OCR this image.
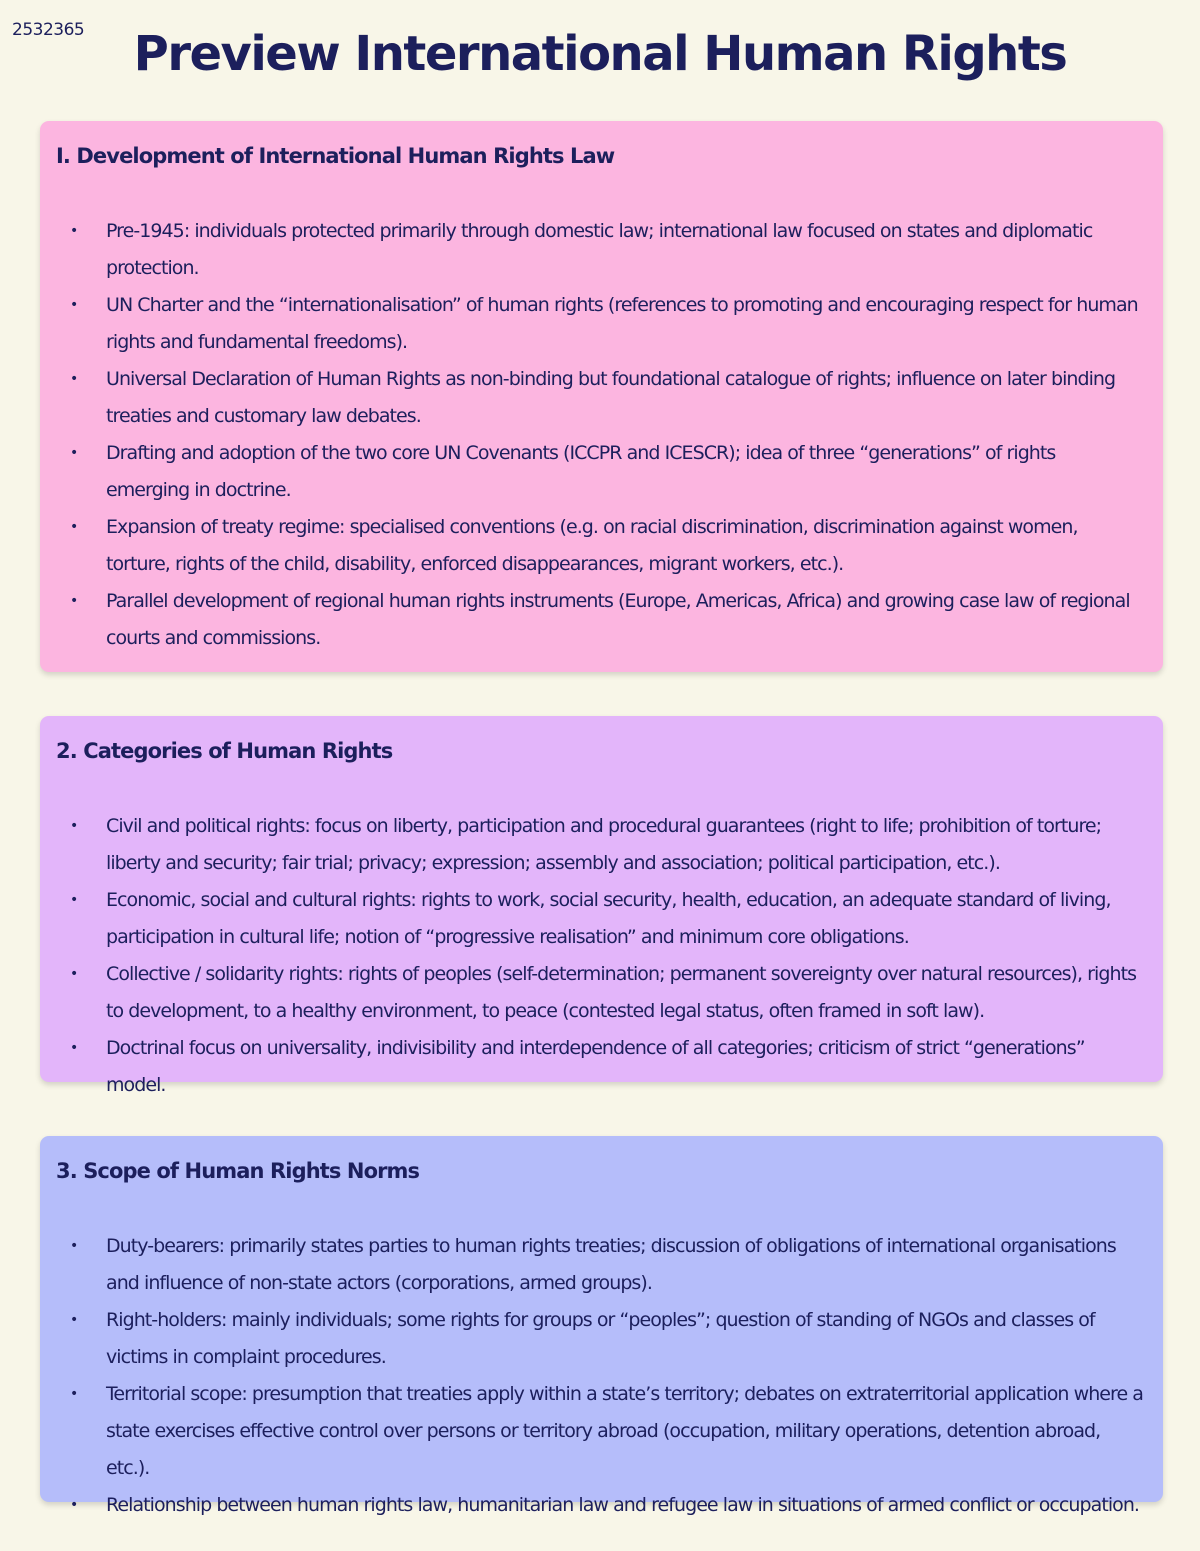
2532365	Preview International Human Rights
I. Development of International Human Rights Law
• Pre-1945: individuals protected primarily through domestic law; international law focused on states and diplomatic protection.
• UN Charter and the “internationalisation” of human rights (references to promoting and encouraging respect for human rights and fundamental freedoms).
• Universal Declaration of Human Rights as non-binding but foundational catalogue of rights; influence on later binding treaties and customary law debates.
• Drafting and adoption of the two core UN Covenants (ICCPR and ICESCR); idea of three “generations” of rights emerging in doctrine.
• Expansion of treaty regime: specialised conventions (e.g. on racial discrimination, discrimination against women, torture, rights of the child, disability, enforced disappearances, migrant workers, etc.).
• Parallel development of regional human rights instruments (Europe, Americas, Africa) and growing case law of regional courts and commissions.
2. Categories of Human Rights
• Civil and political rights: focus on liberty, participation and procedural guarantees (right to life; prohibition of torture; liberty and security; fair trial; privacy; expression; assembly and association; political participation, etc.).
• Economic, social and cultural rights: rights to work, social security, health, education, an adequate standard of living, participation in cultural life; notion of “progressive realisation” and minimum core obligations.
• Collective / solidarity rights: rights of peoples (self-determination; permanent sovereignty over natural resources), rights to development, to a healthy environment, to peace (contested legal status, often framed in soft law).
• Doctrinal focus on universality, indivisibility and interdependence of all categories; criticism of strict “generations” model.
3. Scope of Human Rights Norms
• Duty-bearers: primarily states parties to human rights treaties; discussion of obligations of international organisations and influence of non-state actors (corporations, armed groups).
• Right-holders: mainly individuals; some rights for groups or “peoples”; question of standing of NGOs and classes of victims in complaint procedures.
• Territorial scope: presumption that treaties apply within a state’s territory; debates on extraterritorial application where a state exercises effective control over persons or territory abroad (occupation, military operations, detention abroad, etc.).
• Relationship between human rights law, humanitarian law and refugee law in situations of armed conflict or occupation.
